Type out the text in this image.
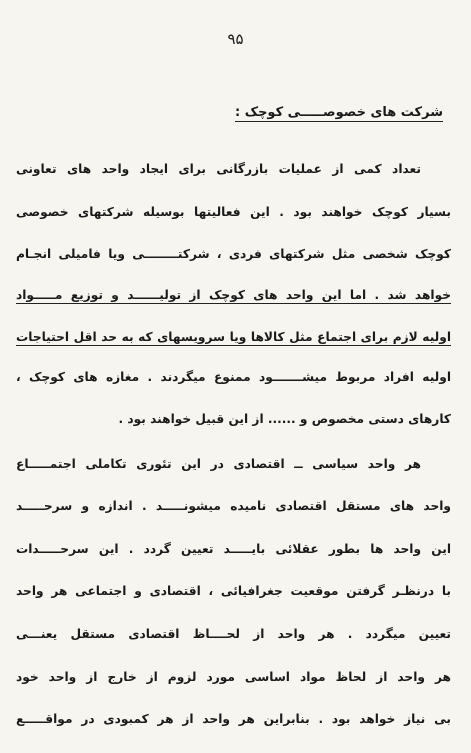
۹۵
شرکت های خصوصـــــی کوچک :
تعداد کمی از عملیات بازرگانی برای ایجاد واحد های تعاونی
بسیار کوچک خواهند بود . این فعالیتها بوسیله شرکتهای خصوصی
کوچک شخصی مثل شرکتهای فردی ، شرکتــــــــی ویا فامیلی انجـام
خواهد شد . اما این واحد های کوچک از تولیــــــد و توزیع مـــــواد
اولیه لازم برای اجتماع مثل کالاها ویا سرویسهای که به حد اقل احتیاجات
اولیه افراد مربوط میشـــــــود ممنوع میگردند . مغازه های کوچک ،
کارهای دستی مخصوص و ...... از این قبیل خواهند بود .
هر واحد سیاسی ــ اقتصادی در این تئوری تکاملی اجتمـــــاع
واحد های مستقل اقتصادی نامیده میشونـــــد . اندازه و سرحـــــد
این واحد ها بطور عقلائی بایـــــد تعیین گردد . این سرحـــــدات
با درنظـر گرفتن موقعیت جغرافیائی ، اقتصادی و اجتماعی هر واحد
تعیین میگردد . هر واحد از لحــــاظ اقتصادی مستقل یعنـــی
هر واحد از لحاظ مواد اساسی مورد لزوم از خارج از واحد خود
بی نیاز خواهد بود . بنابراین هر واحد از هر کمبودی در مواقـــــع
